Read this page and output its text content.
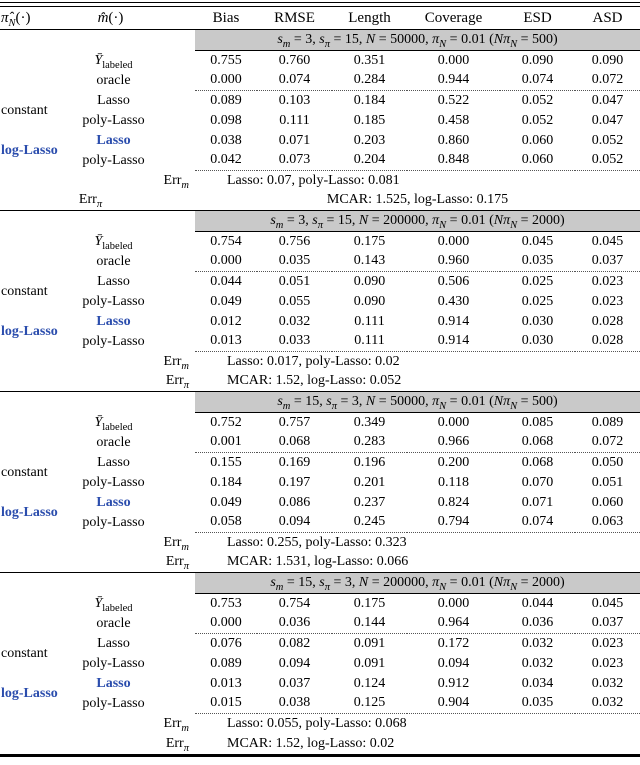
$\pî_N(\cdot)$	m̂(·)	Bias	RMSE	Length	Coverage	ESD	ASD
		$s_m = 3$, $s_\pi = 15$, N = 50000, $\pi_N = 0.01$ $(N\pi_N = 500)$					
	$Ȳ_{labeled}$	0.755	0.760	0.351	0.000	0.090	0.090
	oracle	0.000	0.074	0.284	0.944	0.074	0.072
constant	Lasso	0.089	0.103	0.184	0.522	0.052	0.047
	poly-Lasso	0.098	0.111	0.185	0.458	0.052	0.047
log-Lasso	Lasso	0.038	0.071	0.203	0.860	0.060	0.052
	poly-Lasso	0.042	0.073	0.204	0.848	0.060	0.052
Err$_m$		Lasso: 0.07, poly-Lasso: 0.081					
Err$_\pi$		MCAR: 1.525, log-Lasso: 0.175					
		$s_m = 3$, $s_\pi = 15$, N = 200000, $\pi_N = 0.01$ $(N\pi_N = 2000)$					
	$Ȳ_{labeled}$	0.754	0.756	0.175	0.000	0.045	0.045
	oracle	0.000	0.035	0.143	0.960	0.035	0.037
constant	Lasso	0.044	0.051	0.090	0.506	0.025	0.023
	poly-Lasso	0.049	0.055	0.090	0.430	0.025	0.023
log-Lasso	Lasso	0.012	0.032	0.111	0.914	0.030	0.028
	poly-Lasso	0.013	0.033	0.111	0.914	0.030	0.028
Err$_m$		Lasso: 0.017, poly-Lasso: 0.02					
Err$_\pi$		MCAR: 1.52, log-Lasso: 0.052					
		$s_m = 15$, $s_\pi = 3$, N = 50000, $\pi_N = 0.01$ $(N\pi_N = 500)$					
	$Ȳ_{labeled}$	0.752	0.757	0.349	0.000	0.085	0.089
	oracle	0.001	0.068	0.283	0.966	0.068	0.072
constant	Lasso	0.155	0.169	0.196	0.200	0.068	0.050
	poly-Lasso	0.184	0.197	0.201	0.118	0.070	0.051
log-Lasso	Lasso	0.049	0.086	0.237	0.824	0.071	0.060
	poly-Lasso	0.058	0.094	0.245	0.794	0.074	0.063
Err$_m$		Lasso: 0.255, poly-Lasso: 0.323					
Err$_\pi$		MCAR: 1.531, log-Lasso: 0.066					
		$s_m = 15$, $s_\pi = 3$, N = 200000, $\pi_N = 0.01$ $(N\pi_N = 2000)$					
	$Ȳ_{labeled}$	0.753	0.754	0.175	0.000	0.044	0.045
	oracle	0.000	0.036	0.144	0.964	0.036	0.037
constant	Lasso	0.076	0.082	0.091	0.172	0.032	0.023
	poly-Lasso	0.089	0.094	0.091	0.094	0.032	0.023
log-Lasso	Lasso	0.013	0.037	0.124	0.912	0.034	0.032
	poly-Lasso	0.015	0.038	0.125	0.904	0.035	0.032
Err$_m$		Lasso: 0.055, poly-Lasso: 0.068					
Err$_\pi$		MCAR: 1.52, log-Lasso: 0.02					
